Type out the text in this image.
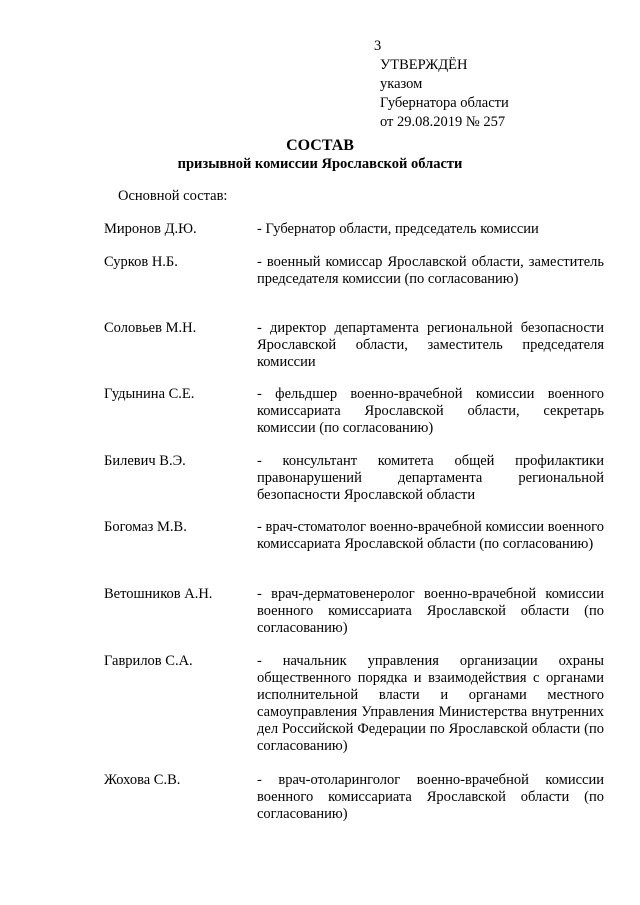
3
УТВЕРЖДЁН
указом
Губернатора области
от 29.08.2019 № 257
СОСТАВ
призывной комиссии Ярославской области
Основной состав:
Миронов Д.Ю.	- Губернатор области, председатель комиссии
Сурков Н.Б.	- военный комиссар Ярославской области, заместитель председателя комиссии (по согласованию)
Соловьев М.Н.	- директор департамента региональной безопасности Ярославской области, заместитель председателя комиссии
Гудынина С.Е.	- фельдшер военно-врачебной комиссии военного комиссариата Ярославской области, секретарь комиссии (по согласованию)
Билевич В.Э.	- консультант комитета общей профилактики правонарушений департамента региональной безопасности Ярославской области
Богомаз М.В.	- врач-стоматолог военно-врачебной комиссии военного комиссариата Ярославской области (по согласованию)
Ветошников А.Н.	- врач-дерматовенеролог военно-врачебной комиссии военного комиссариата Ярославской области (по согласованию)
Гаврилов С.А.	- начальник управления организации охраны общественного порядка и взаимодействия с органами исполнительной власти и органами местного самоуправления Управления Министерства внутренних дел Российской Федерации по Ярославской области (по согласованию)
Жохова С.В.	- врач-отоларинголог военно-врачебной комиссии военного комиссариата Ярославской области (по согласованию)
